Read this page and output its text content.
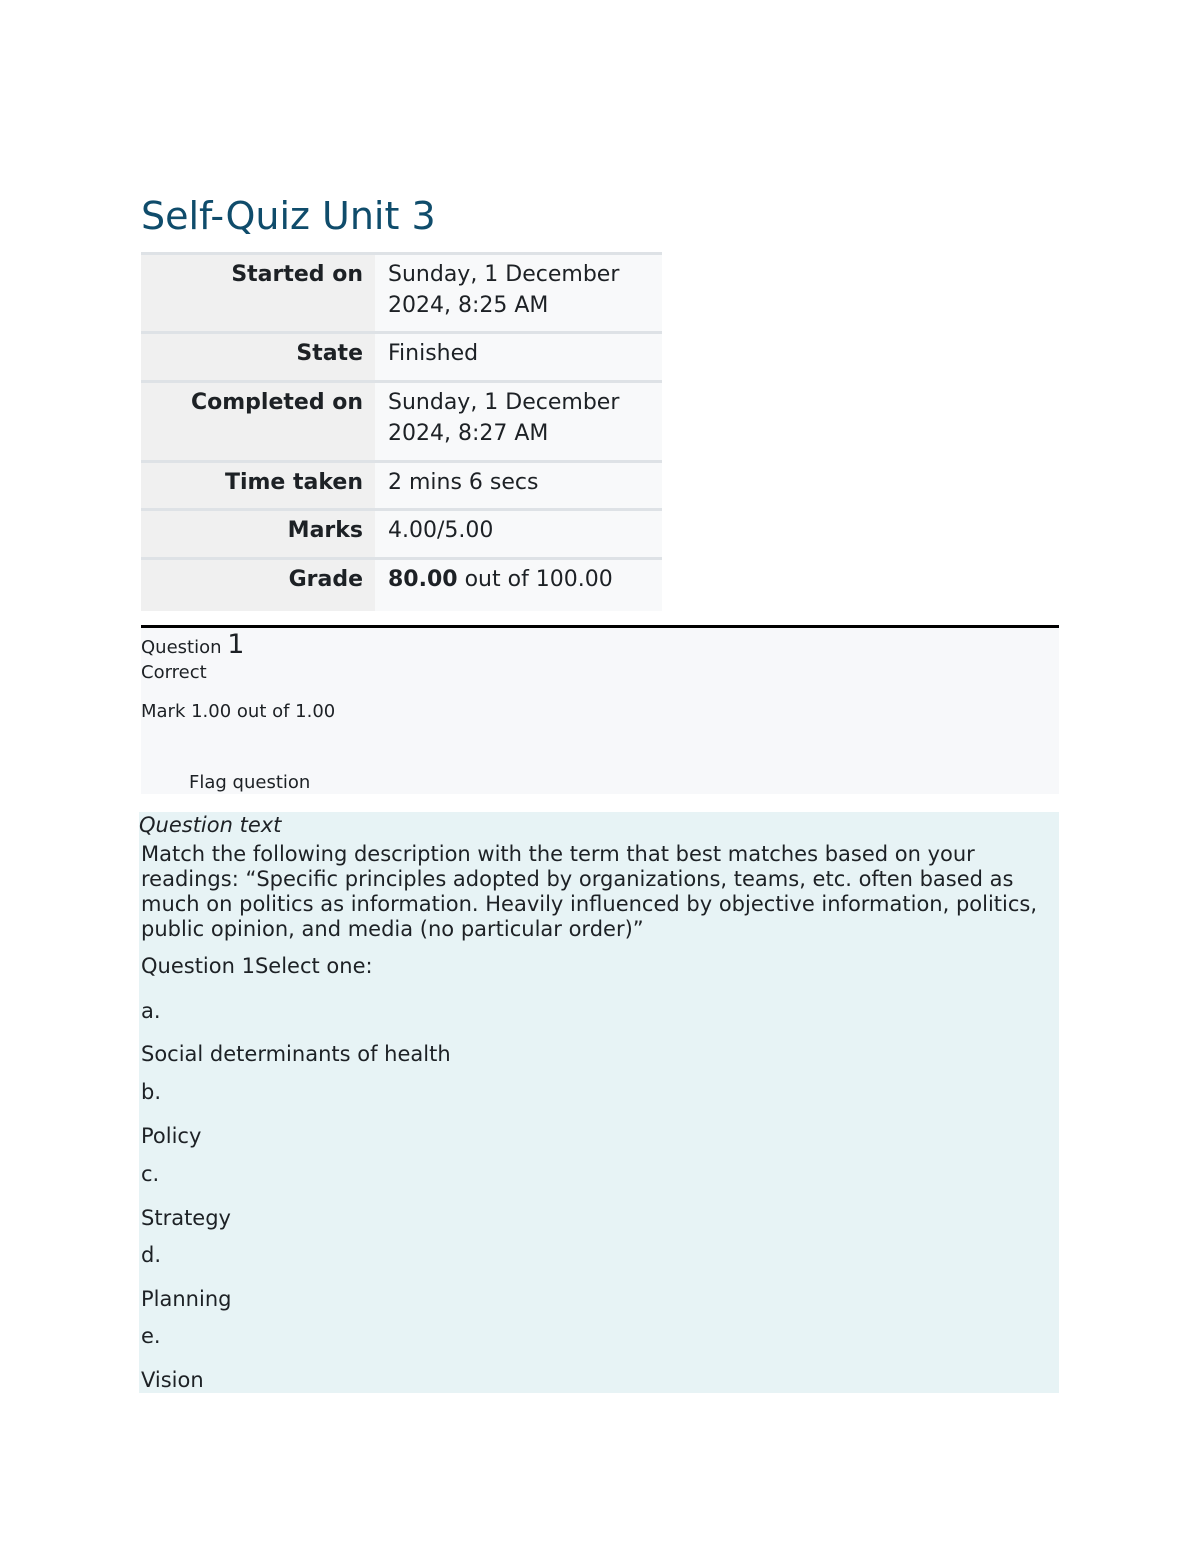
Self-Quiz Unit 3
Started on	Sunday, 1 December
2024, 8:25 AM
State	Finished
Completed on	Sunday, 1 December
2024, 8:27 AM
Time taken	2 mins 6 secs
Marks	4.00/5.00
Grade	80.00 out of 100.00
Question 1
Correct
Mark 1.00 out of 1.00
Flag question
Question text
Match the following description with the term that best matches based on your readings: “Specific principles adopted by organizations, teams, etc. often based as much on politics as information. Heavily influenced by objective information, politics, public opinion, and media (no particular order)”
Question 1Select one:
a.
Social determinants of health
b.
Policy
c.
Strategy
d.
Planning
e.
Vision
